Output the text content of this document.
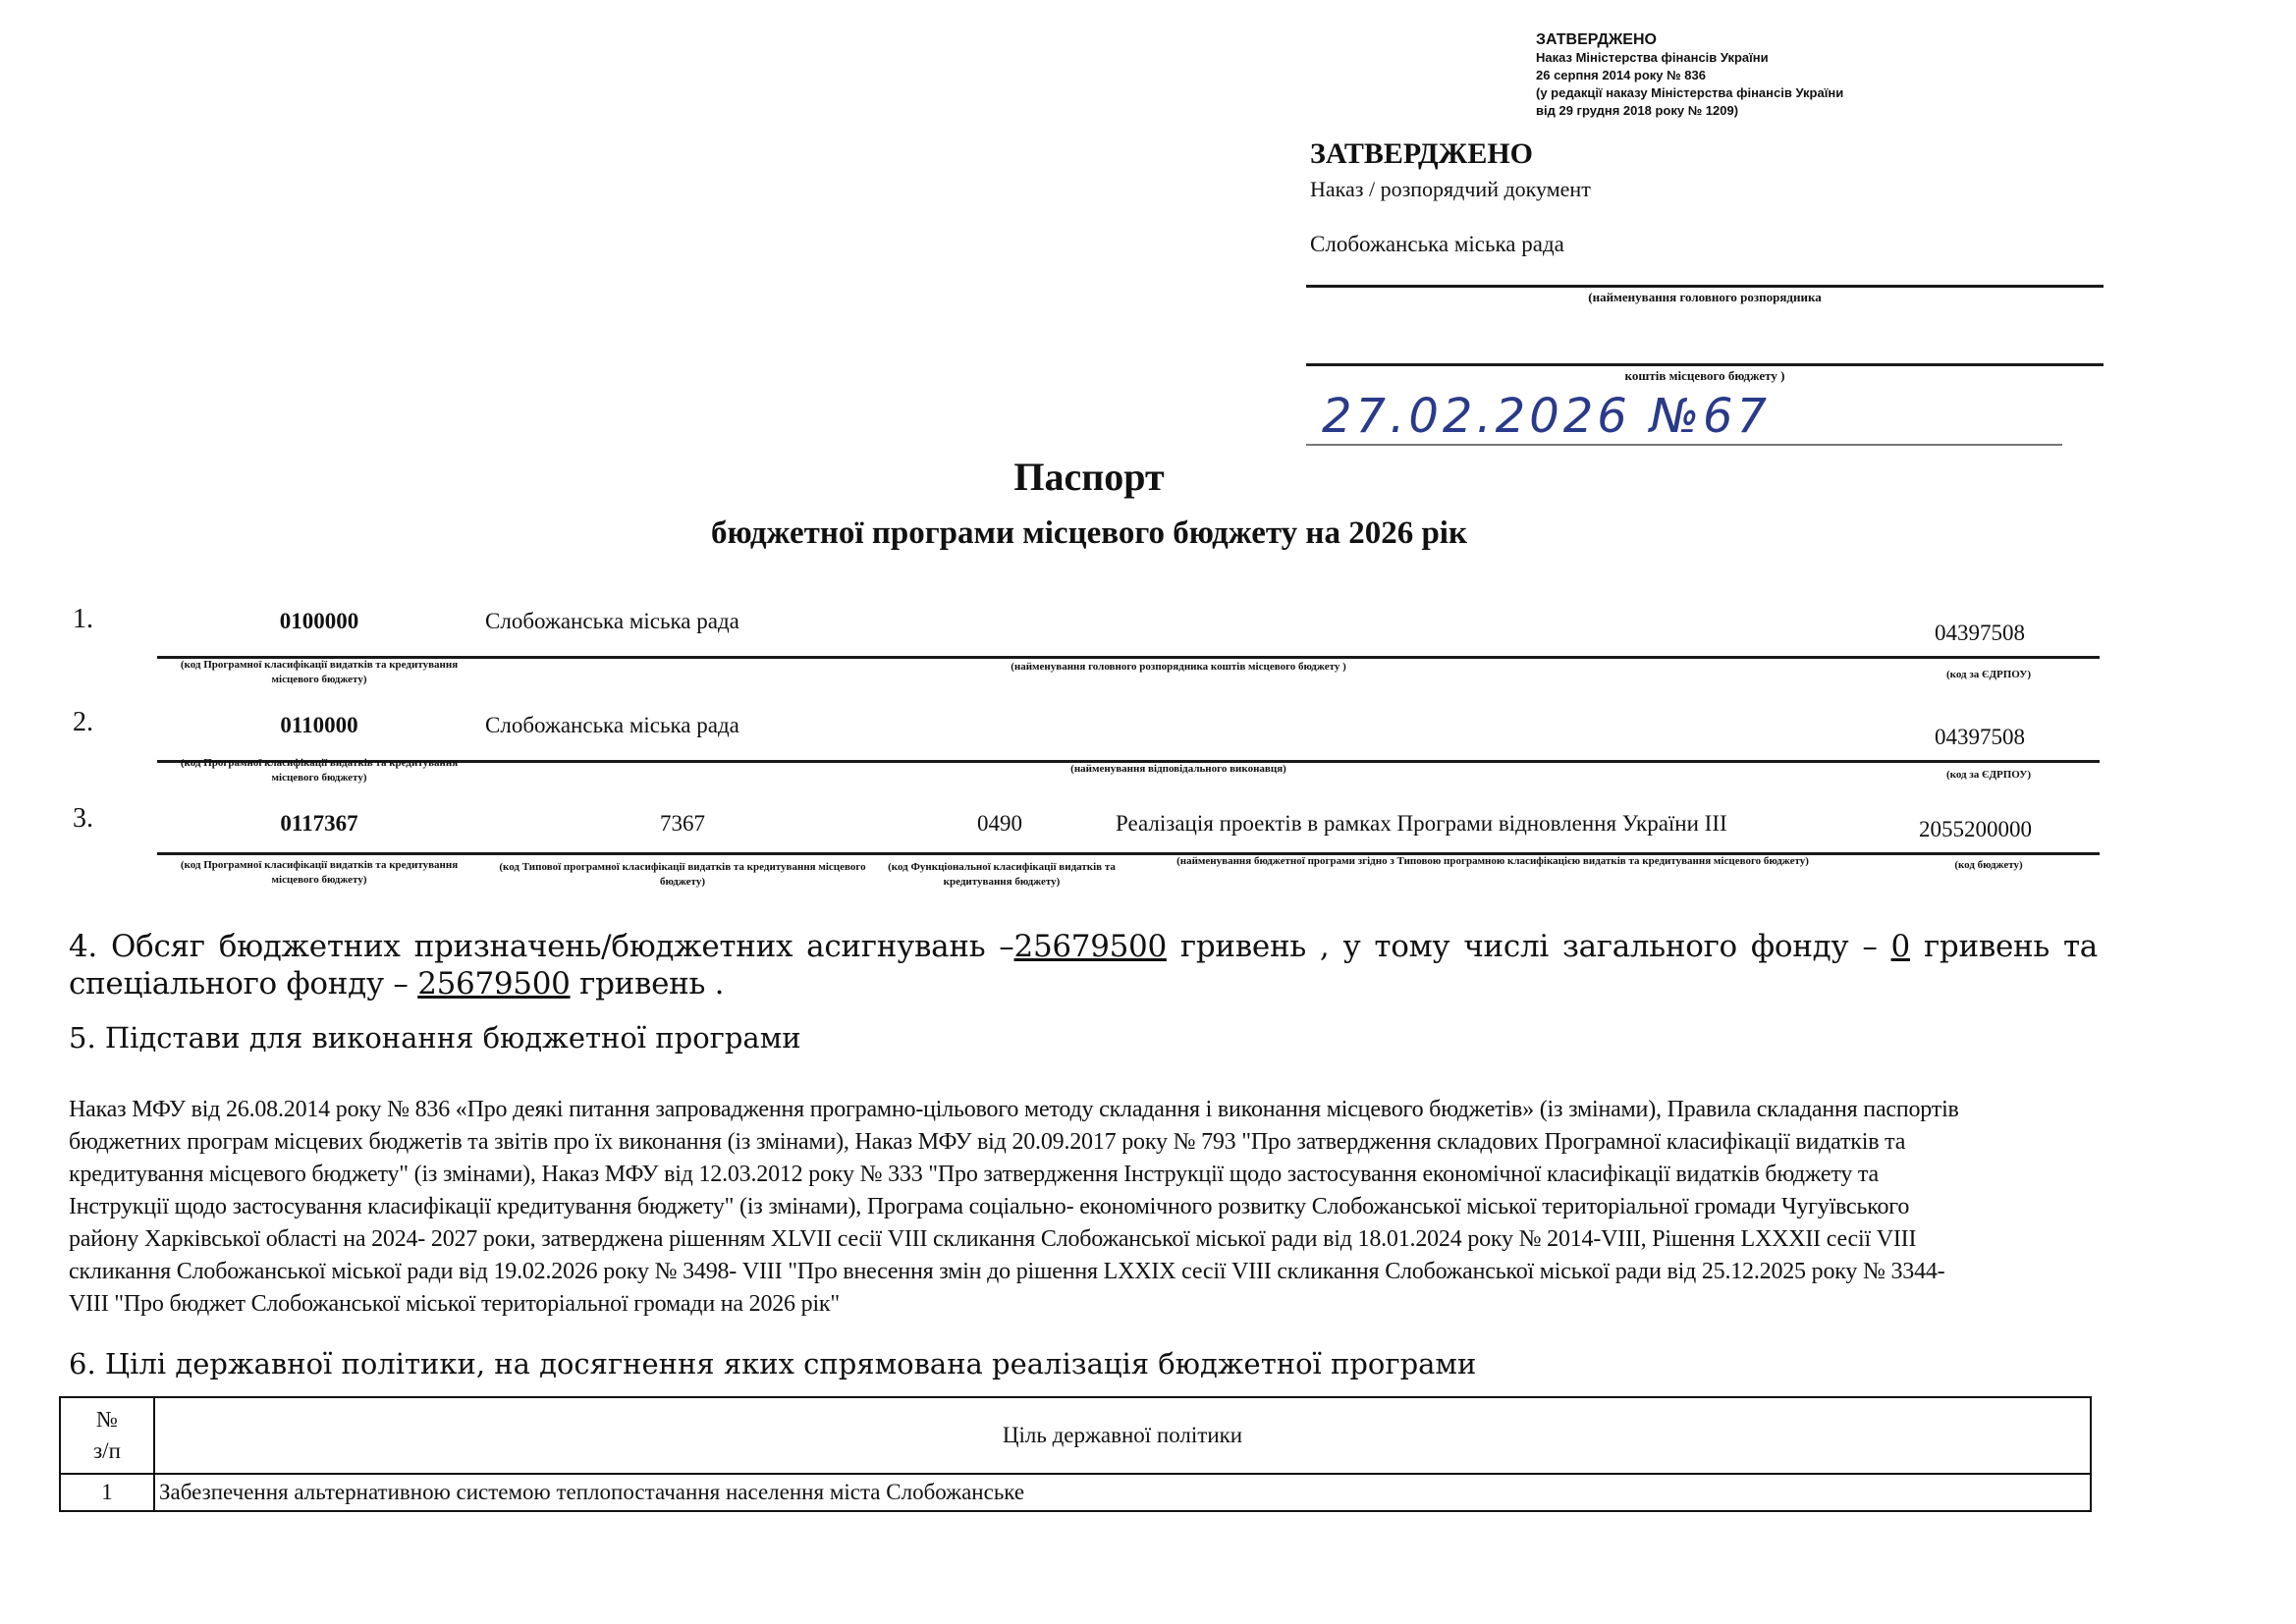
ЗАТВЕРДЖЕНО
Наказ Міністерства фінансів України
26 серпня 2014 року № 836
(у редакції наказу Міністерства фінансів України
від 29 грудня 2018 року № 1209)
ЗАТВЕРДЖЕНО
Наказ / розпорядчий документ
Слобожанська міська рада
(найменування головного розпорядника
коштів місцевого бюджету )
27.02.2026 №67
Паспорт
бюджетної програми місцевого бюджету на 2026 рік
1.	0100000	Слобожанська міська рада	04397508
(код Програмної класифікації видатків та кредитування місцевого бюджету)
(найменування головного розпорядника коштів місцевого бюджету )
(код за ЄДРПОУ)
2.	0110000	Слобожанська міська рада	04397508
(код Програмної класифікації видатків та кредитування місцевого бюджету)
(найменування відповідального виконавця)	(код за ЄДРПОУ)
3.	0117367	7367	0490	Реалізація проектів в рамках Програми відновлення України ІІІ	2055200000
(код Програмної класифікації видатків та кредитування місцевого бюджету)
(код Типової програмної класифікації видатків та кредитування місцевого бюджету)
(код Функціональної класифікації видатків та кредитування бюджету)
(найменування бюджетної програми згідно з Типовою програмною класифікацією видатків та кредитування місцевого бюджету)	(код бюджету)
4. Обсяг бюджетних призначень/бюджетних асигнувань –25679500 гривень , у тому числі загального фонду – 0 гривень та спеціального фонду – 25679500 гривень .
5. Підстави для виконання бюджетної програми
Наказ МФУ від 26.08.2014 року № 836 «Про деякі питання запровадження програмно-цільового методу складання і виконання місцевого бюджетів» (із змінами), Правила складання паспортів
бюджетних програм місцевих бюджетів та звітів про їх виконання (із змінами), Наказ МФУ від 20.09.2017 року № 793 "Про затвердження складових Програмної класифікації видатків та
кредитування місцевого бюджету" (із змінами), Наказ МФУ від 12.03.2012 року № 333 "Про затвердження Інструкції щодо застосування економічної класифікації видатків бюджету та
Інструкції щодо застосування класифікації кредитування бюджету" (із змінами), Програма соціально- економічного розвитку Слобожанської міської територіальної громади Чугуївського
району Харківської області на 2024- 2027 роки, затверджена рішенням XLVII сесії VIII скликання Слобожанської міської ради від 18.01.2024 року № 2014-VIII, Рішення LXXXII сесії VIII
скликання Слобожанської міської ради від 19.02.2026 року № 3498- VIII "Про внесення змін до рішення LXXIX сесії VIII скликання Слобожанської міської ради від 25.12.2025 року № 3344-
VIII "Про бюджет Слобожанської міської територіальної громади на 2026 рік"
6. Цілі державної політики, на досягнення яких спрямована реалізація бюджетної програми
№
з/п	Ціль державної політики
1	Забезпечення альтернативною системою теплопостачання населення міста Слобожанське
